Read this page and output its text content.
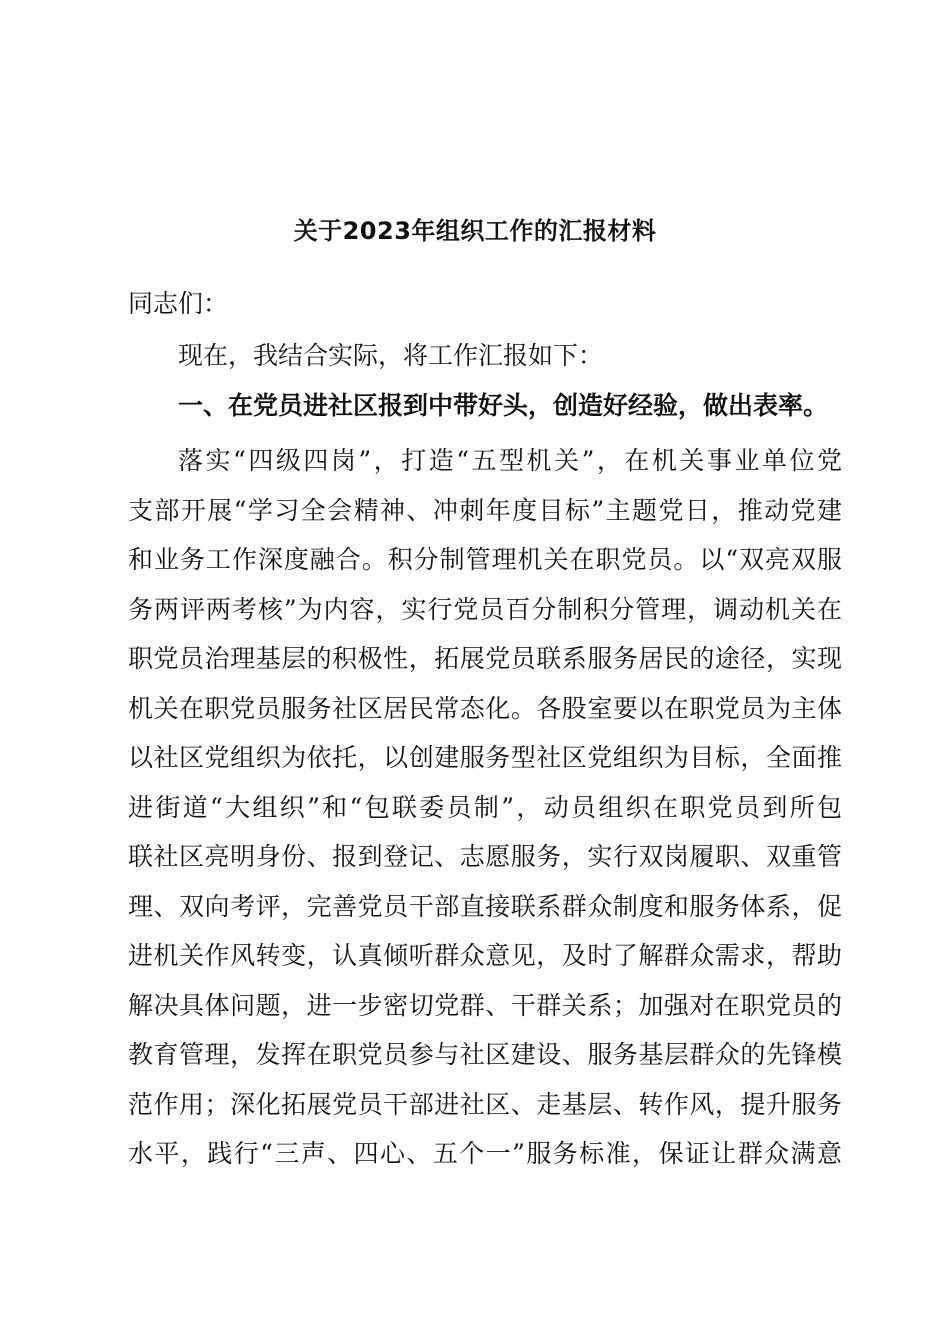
关于2023年组织工作的汇报材料
同志们：
现在，我结合实际，将工作汇报如下：
一、在党员进社区报到中带好头，创造好经验，做出表率。
落实“四级四岗”，打造“五型机关”，在机关事业单位党
支部开展“学习全会精神、冲刺年度目标”主题党日，推动党建
和业务工作深度融合。积分制管理机关在职党员。以“双亮双服
务两评两考核”为内容，实行党员百分制积分管理，调动机关在
职党员治理基层的积极性，拓展党员联系服务居民的途径，实现
机关在职党员服务社区居民常态化。各股室要以在职党员为主体
以社区党组织为依托，以创建服务型社区党组织为目标，全面推
进街道“大组织”和“包联委员制”，动员组织在职党员到所包
联社区亮明身份、报到登记、志愿服务，实行双岗履职、双重管
理、双向考评，完善党员干部直接联系群众制度和服务体系，促
进机关作风转变，认真倾听群众意见，及时了解群众需求，帮助
解决具体问题，进一步密切党群、干群关系；加强对在职党员的
教育管理，发挥在职党员参与社区建设、服务基层群众的先锋模
范作用；深化拓展党员干部进社区、走基层、转作风，提升服务
水平，践行“三声、四心、五个一”服务标准，保证让群众满意
